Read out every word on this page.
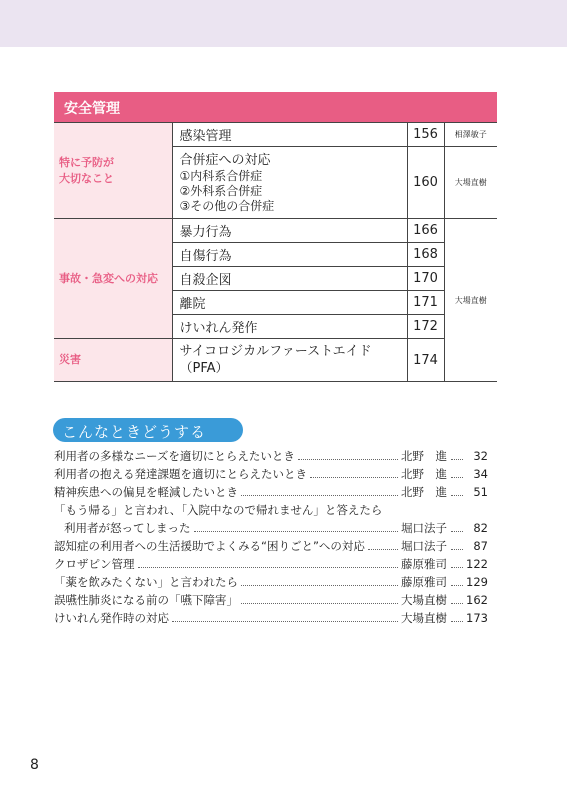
安全管理
特に予防が
大切なこと	感染管理	156	相澤敏子
	合併症への対応
①内科系合併症
②外科系合併症
③その他の合併症	160	大場直樹
事故・急変への対応	暴力行為	166	大場直樹
	自傷行為	168	
	自殺企図	170	
	離院	171	
	けいれん発作	172	
災害	サイコロジカルファーストエイド
（PFA）	174	
こんなときどうする
利用者の多様なニーズを適切にとらえたいとき	北野　進	32
利用者の抱える発達課題を適切にとらえたいとき	北野　進	34
精神疾患への偏見を軽減したいとき	北野　進	51
「もう帰る」と言われ、「入院中なので帰れません」と答えたら
利用者が怒ってしまった	堀口法子	82
認知症の利用者への生活援助でよくみる“困りごと”への対応	堀口法子	87
クロザピン管理	藤原雅司	122
「薬を飲みたくない」と言われたら	藤原雅司	129
誤嚥性肺炎になる前の「嚥下障害」	大場直樹	162
けいれん発作時の対応	大場直樹	173
8
